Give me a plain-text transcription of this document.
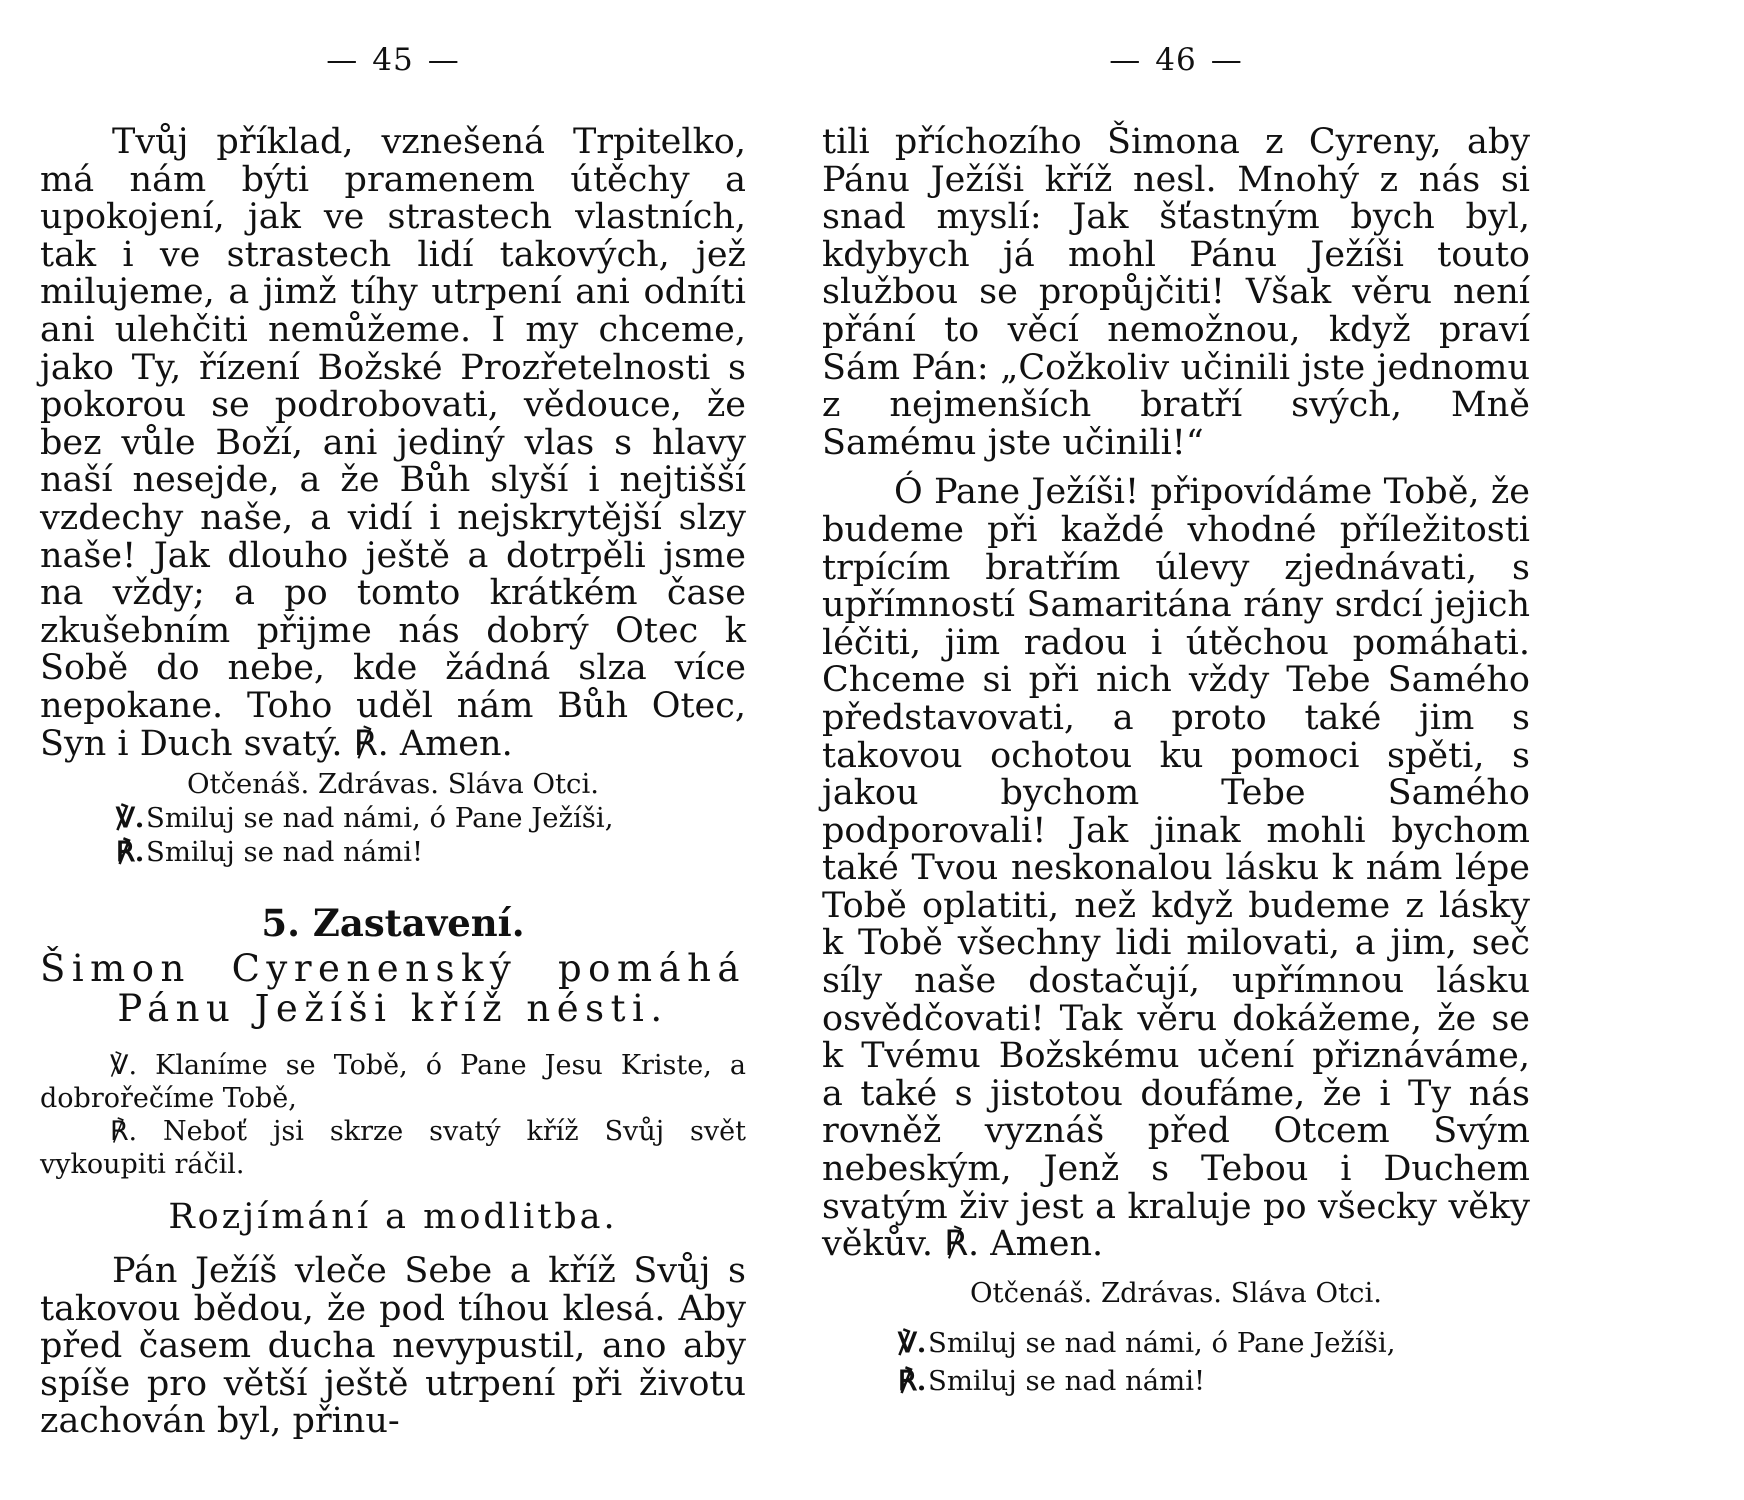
— 45 —

Tvůj příklad, vznešená Trpitelko, má nám býti pramenem útěchy a upokojení, jak ve strastech vlastních, tak i ve strastech lidí takových, jež milujeme, a jimž tíhy utrpení ani odníti ani ulehčiti nemůžeme. I my chceme, jako Ty, řízení Božské Prozřetelnosti s pokorou se podrobovati, vědouce, že bez vůle Boží, ani jediný vlas s hlavy naší nesejde, a že Bůh slyší i nejtišší vzdechy naše, a vidí i nejskrytější slzy naše! Jak dlouho ještě a dotrpěli jsme na vždy; a po tomto krátkém čase zkušebním přijme nás dobrý Otec k Sobě do nebe, kde žádná slza více nepokane. Toho uděl nám Bůh Otec, Syn i Duch svatý. ℟. Amen.

Otčenáš. Zdrávas. Sláva Otci.

℣.Smiluj se nad námi, ó Pane Ježíši,

℟.Smiluj se nad námi!

5. Zastavení.

Šimon Cyrenenský pomáhá Pánu Ježíši kříž nésti.

℣. Klaníme se Tobě, ó Pane Jesu Kriste, a dobrořečíme Tobě,

℟. Neboť jsi skrze svatý kříž Svůj svět vykoupiti ráčil.

Rozjímání a modlitba.

Pán Ježíš vleče Sebe a kříž Svůj s takovou bědou, že pod tíhou klesá. Aby před časem ducha nevypustil, ano aby spíše pro větší ještě utrpení při životu zachován byl, přinu-

— 46 —

tili příchozího Šimona z Cyreny, aby Pánu Ježíši kříž nesl. Mnohý z nás si snad myslí: Jak šťastným bych byl, kdybych já mohl Pánu Ježíši touto službou se propůjčiti! Však věru není přání to věcí nemožnou, když praví Sám Pán: „Cožkoliv učinili jste jednomu z nejmenších bratří svých, Mně Samému jste učinili!“

Ó Pane Ježíši! připovídáme Tobě, že budeme při každé vhodné příležitosti trpícím bratřím úlevy zjednávati, s upřímností Samaritána rány srdcí jejich léčiti, jim radou i útěchou pomáhati. Chceme si při nich vždy Tebe Samého představovati, a proto také jim s takovou ochotou ku pomoci spěti, s jakou bychom Tebe Samého podporovali! Jak jinak mohli bychom také Tvou neskonalou lásku k nám lépe Tobě oplatiti, než když budeme z lásky k Tobě všechny lidi milovati, a jim, seč síly naše dostačují, upřímnou lásku osvědčovati! Tak věru dokážeme, že se k Tvému Božskému učení přiznáváme, a také s jistotou doufáme, že i Ty nás rovněž vyznáš před Otcem Svým nebeským, Jenž s Tebou i Duchem svatým živ jest a kraluje po všecky věky věkův. ℟. Amen.

Otčenáš. Zdrávas. Sláva Otci.

℣.Smiluj se nad námi, ó Pane Ježíši,

℟.Smiluj se nad námi!
